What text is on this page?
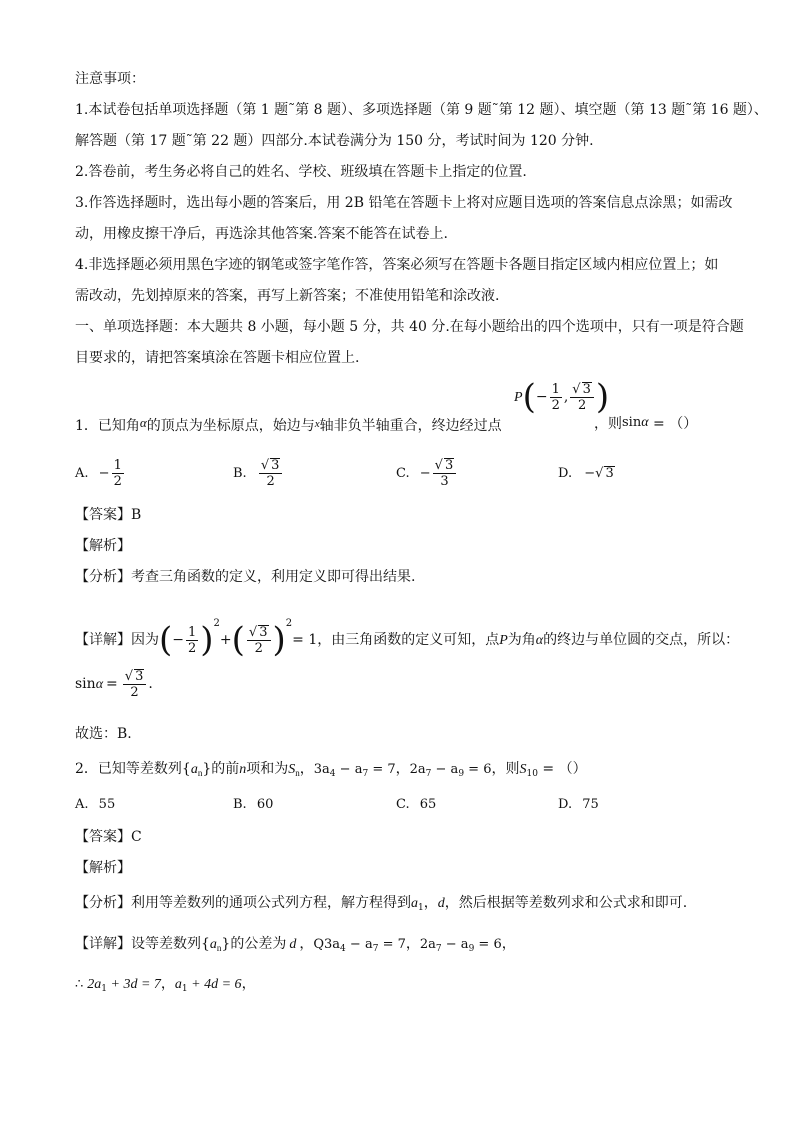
注意事项：
1.本试卷包括单项选择题（第 1 题˜第 8 题）、多项选择题（第 9 题˜第 12 题）、填空题（第 13 题˜第 16 题）、
解答题（第 17 题˜第 22 题）四部分.本试卷满分为 150 分，考试时间为 120 分钟.
2.答卷前，考生务必将自己的姓名、学校、班级填在答题卡上指定的位置.
3.作答选择题时，选出每小题的答案后，用 2B 铅笔在答题卡上将对应题目选项的答案信息点涂黑；如需改
动，用橡皮擦干净后，再选涂其他答案.答案不能答在试卷上.
4.非选择题必须用黑色字迹的钢笔或签字笔作答，答案必须写在答题卡各题目指定区域内相应位置上；如
需改动，先划掉原来的答案，再写上新答案；不准使用铅笔和涂改液.
一、单项选择题：本大题共 8 小题，每小题 5 分，共 40 分.在每小题给出的四个选项中，只有一项是符合题
目要求的，请把答案填涂在答题卡相应位置上.
$P(- \frac{1}{2}$ , $\frac{√ 3}{2}$ )
1．已知角α的顶点为坐标原点，始边与$^x$轴非负半轴重合，终边经过点	，则sinα = （）
A. − $\frac{1}{2}$	B. $\frac{√ 3}{2}$	C. − $\frac{√ 3}{3}$	D. −√ 3
【答案】B
【解析】
【分析】考查三角函数的定义，利用定义即可得出结果.
【详解】因为(− $\frac{1}{2} )^2+( \frac{√ 3}{2} )^2= 1$，由三角函数的定义可知，点P为角α的终边与单位圆的交点，所以：
$\sin\alpha = \frac{√ 3}{2}$ .
故选：B.
2．已知等差数列$\{a_n\}$的前n项和为$S_n$，$3a_4 - a_7 = 7$，$2a_7 - a_9 = 6$，则$S_{10}$ = （）
A. 55	B. 60	C. 65	D. 75
【答案】C
【解析】
【分析】利用等差数列的通项公式列方程，解方程得到$a_1$，d，然后根据等差数列求和公式求和即可.
【详解】设等差数列$\{a_n\}$的公差为 d ，$Q3a_4 - a_7 = 7$，$2a_7 - a_9 = 6$，
∴ $2a_1 + 3d = 7$，$a_1 + 4d = 6$，
